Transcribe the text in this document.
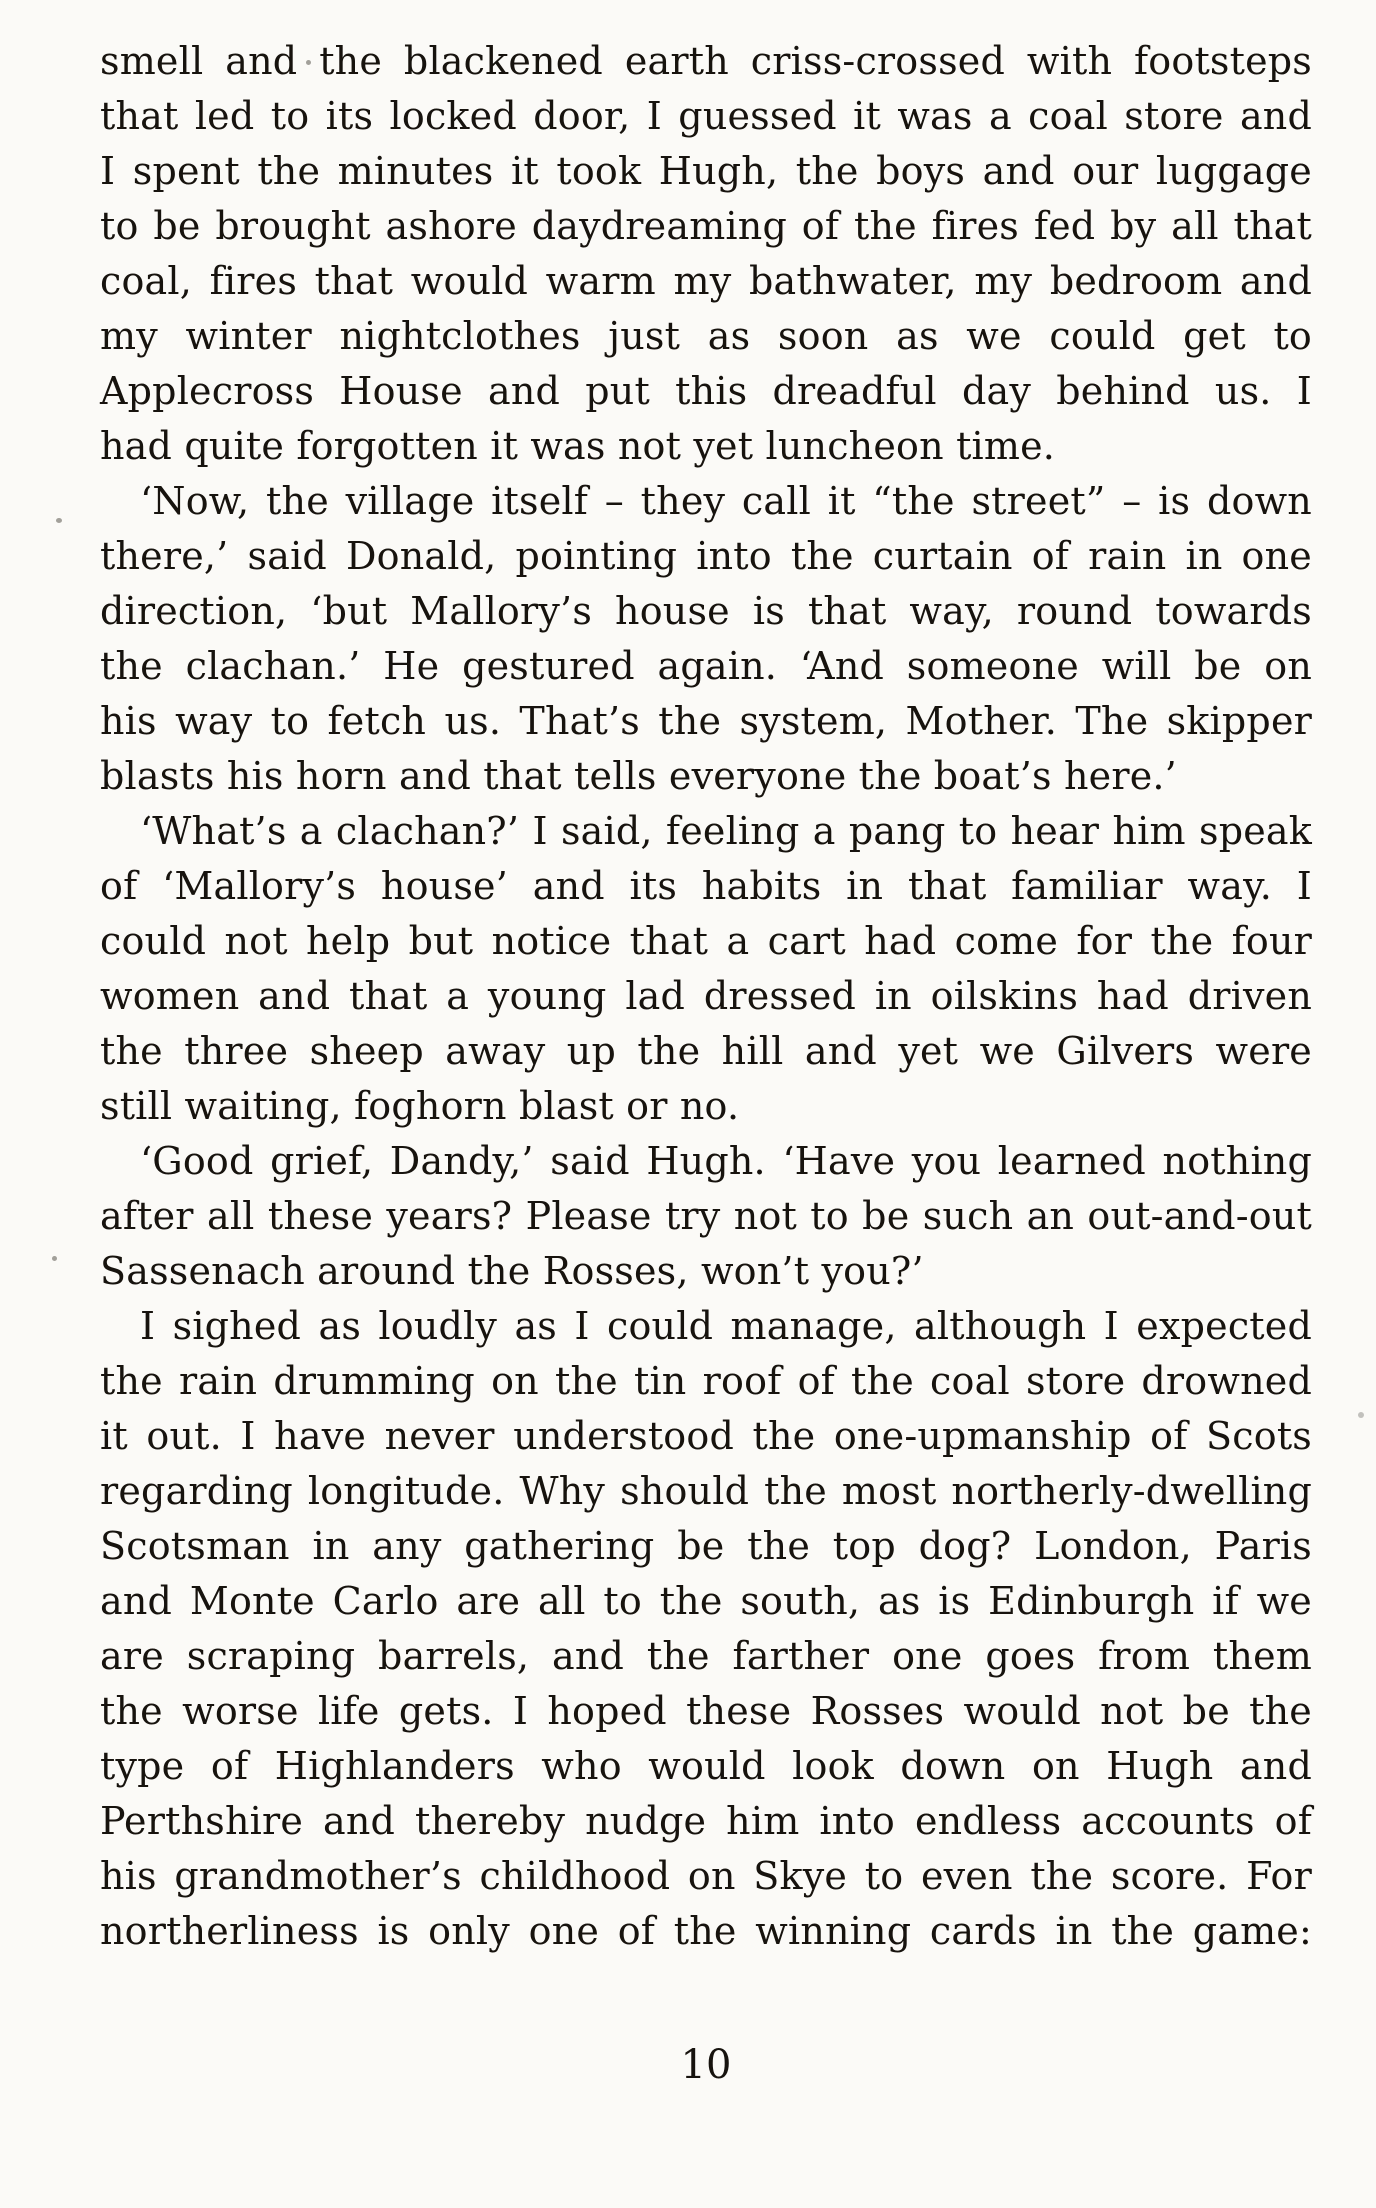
smell and the blackened earth criss-crossed with footsteps
that led to its locked door, I guessed it was a coal store and
I spent the minutes it took Hugh, the boys and our luggage
to be brought ashore daydreaming of the fires fed by all that
coal, fires that would warm my bathwater, my bedroom and
my winter nightclothes just as soon as we could get to
Applecross House and put this dreadful day behind us. I
had quite forgotten it was not yet luncheon time.
‘Now, the village itself – they call it “the street” – is down
there,’ said Donald, pointing into the curtain of rain in one
direction, ‘but Mallory’s house is that way, round towards
the clachan.’ He gestured again. ‘And someone will be on
his way to fetch us. That’s the system, Mother. The skipper
blasts his horn and that tells everyone the boat’s here.’
‘What’s a clachan?’ I said, feeling a pang to hear him speak
of ‘Mallory’s house’ and its habits in that familiar way. I
could not help but notice that a cart had come for the four
women and that a young lad dressed in oilskins had driven
the three sheep away up the hill and yet we Gilvers were
still waiting, foghorn blast or no.
‘Good grief, Dandy,’ said Hugh. ‘Have you learned nothing
after all these years? Please try not to be such an out-and-out
Sassenach around the Rosses, won’t you?’
I sighed as loudly as I could manage, although I expected
the rain drumming on the tin roof of the coal store drowned
it out. I have never understood the one-upmanship of Scots
regarding longitude. Why should the most northerly-dwelling
Scotsman in any gathering be the top dog? London, Paris
and Monte Carlo are all to the south, as is Edinburgh if we
are scraping barrels, and the farther one goes from them
the worse life gets. I hoped these Rosses would not be the
type of Highlanders who would look down on Hugh and
Perthshire and thereby nudge him into endless accounts of
his grandmother’s childhood on Skye to even the score. For
northerliness is only one of the winning cards in the game:
10
